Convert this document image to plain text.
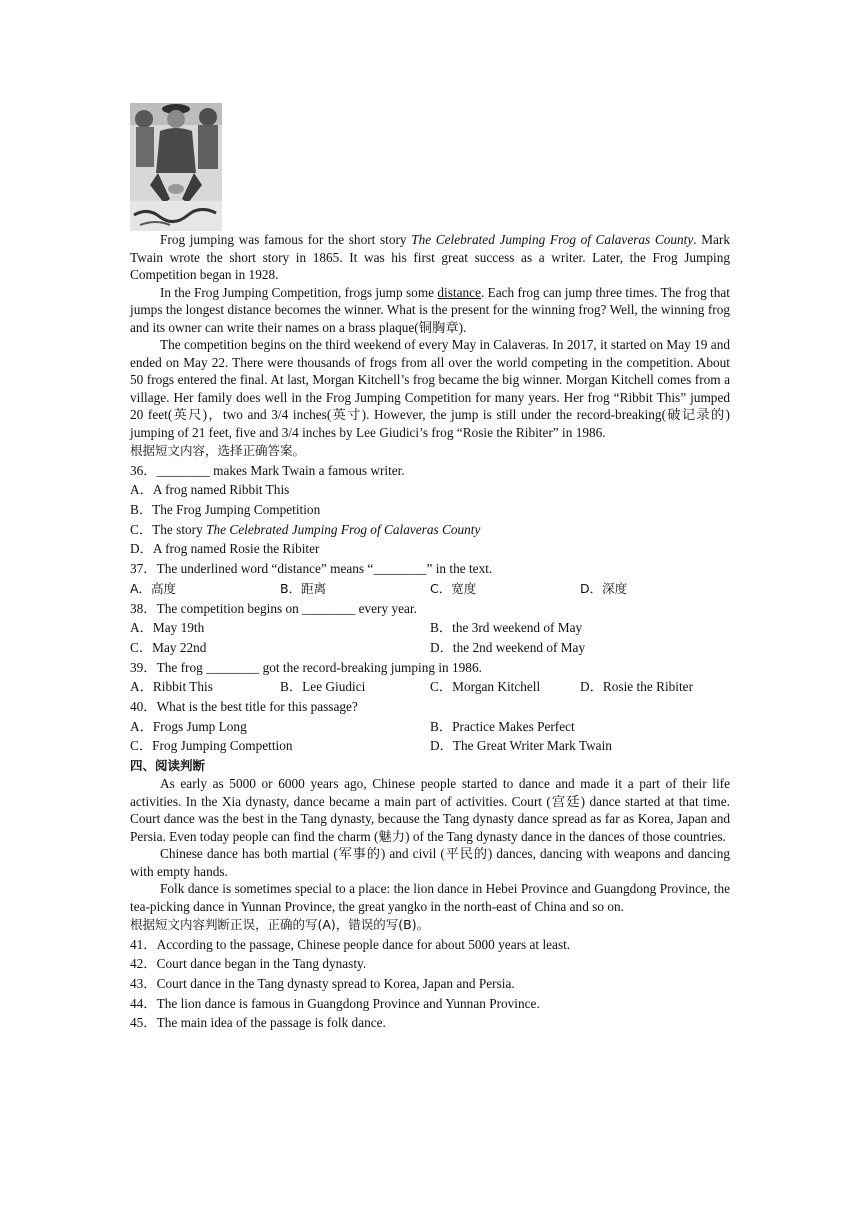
Frog jumping was famous for the short story The Celebrated Jumping Frog of Calaveras County. Mark Twain wrote the short story in 1865. It was his first great success as a writer. Later, the Frog Jumping Competition began in 1928.

In the Frog Jumping Competition, frogs jump some distance. Each frog can jump three times. The frog that jumps the longest distance becomes the winner. What is the present for the winning frog? Well, the winning frog and its owner can write their names on a brass plaque(铜胸章).

The competition begins on the third weekend of every May in Calaveras. In 2017, it started on May 19 and ended on May 22. There were thousands of frogs from all over the world competing in the competition. About 50 frogs entered the final. At last, Morgan Kitchell’s frog became the big winner. Morgan Kitchell comes from a village. Her family does well in the Frog Jumping Competition for many years. Her frog “Ribbit This” jumped 20 feet(英尺)，two and 3/4 inches(英寸). However, the jump is still under the record-breaking(破记录的) jumping of 21 feet, five and 3/4 inches by Lee Giudici’s frog “Rosie the Ribiter” in 1986.

根据短文内容，选择正确答案。
36．________ makes Mark Twain a famous writer.
A．A frog named Ribbit This
B．The Frog Jumping Competition
C．The story The Celebrated Jumping Frog of Calaveras County
D．A frog named Rosie the Ribiter
37．The underlined word “distance” means “________” in the text.
A．高度	B．距离	C．宽度	D．深度
38．The competition begins on ________ every year.
A．May 19th	B．the 3rd weekend of May
C．May 22nd	D．the 2nd weekend of May
39．The frog ________ got the record-breaking jumping in 1986.
A．Ribbit This	B．Lee Giudici	C．Morgan Kitchell	D．Rosie the Ribiter
40．What is the best title for this passage?
A．Frogs Jump Long	B．Practice Makes Perfect
C．Frog Jumping Compettion	D．The Great Writer Mark Twain
四、阅读判断

As early as 5000 or 6000 years ago, Chinese people started to dance and made it a part of their life activities. In the Xia dynasty, dance became a main part of activities. Court (宫廷) dance started at that time. Court dance was the best in the Tang dynasty, because the Tang dynasty dance spread as far as Korea, Japan and Persia. Even today people can find the charm (魅力) of the Tang dynasty dance in the dances of those countries.

Chinese dance has both martial (军事的) and civil (平民的) dances, dancing with weapons and dancing with empty hands.

Folk dance is sometimes special to a place: the lion dance in Hebei Province and Guangdong Province, the tea-picking dance in Yunnan Province, the great yangko in the north-east of China and so on.

根据短文内容判断正误，正确的写(A)，错误的写(B)。
41．According to the passage, Chinese people dance for about 5000 years at least.
42．Court dance began in the Tang dynasty.
43．Court dance in the Tang dynasty spread to Korea, Japan and Persia.
44．The lion dance is famous in Guangdong Province and Yunnan Province.
45．The main idea of the passage is folk dance.
